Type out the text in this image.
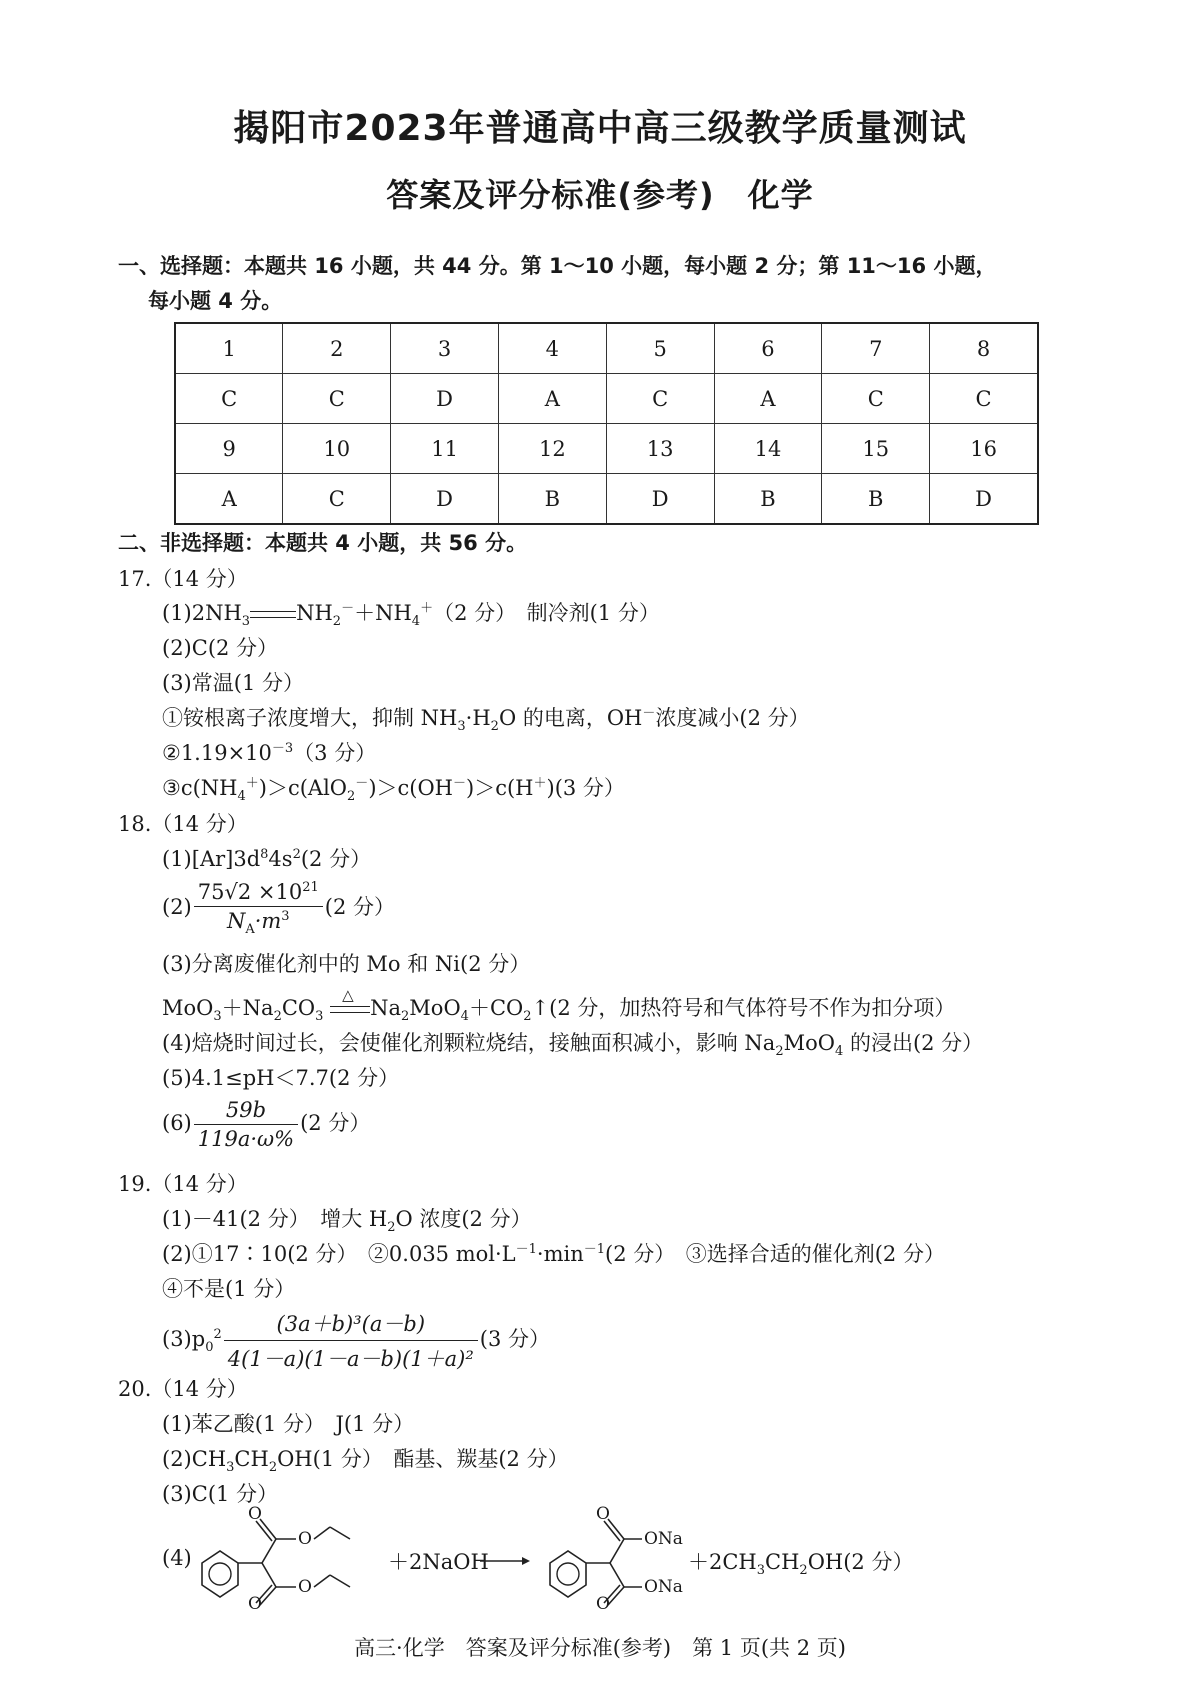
揭阳市2023年普通高中高三级教学质量测试
答案及评分标准(参考)　化学
一、选择题：本题共 16 小题，共 44 分。第 1～10 小题，每小题 2 分；第 11～16 小题，
每小题 4 分。
1	2	3	4	5	6	7	8
C	C	D	A	C	A	C	C
9	10	11	12	13	14	15	16
A	C	D	B	D	B	B	D
二、非选择题：本题共 4 小题，共 56 分。
17.（14 分）
$(1)2NH_3$ $NH_2^-+NH_4^+(2$ 分）　制冷剂(1 分）
(2)C(2 分）
(3)常温(1 分）
①铵根离子浓度增大，抑制 $NH_3\cdot H_2O$ 的电离，OH－浓度减小(2 分）
$②1.19\times 10^{-3}(3$ 分）
$③c(NH_4^+)>c(AlO_2^-)>c(OH^-)>c(H^+)(3$ 分）
18.（14 分）
$(1)[Ar]3d^84s^2(2$ 分）
$(2) \frac{75√2 \times 10^{21}}{N_A\cdot m^3} (2$ 分）
(3)分离废催化剂中的 Mo 和 Ni(2 分）
$MoO_3+Na_2CO_3$
△
$Na_2MoO_4+CO_2↑(2$ 分，加热符号和气体符号不作为扣分项）
(4)焙烧时间过长，会使催化剂颗粒烧结，接触面积减小，影响 $Na_2MoO_4$ 的浸出(2 分）
(5)4.1≤pH＜7.7(2 分）
$(6) \frac{59b}{119a\cdot\omega\%} (2$ 分）
19.（14 分）
(1)－41(2 分）　增大 $H_2O$ 浓度(2 分）
(2)①17∶10(2 分）　②0.035 $mol\cdot L^{-1}\cdot\min^{-1}(2$ 分）　③选择合适的催化剂(2 分）
④不是(1 分）
$(3)p_0^2 \frac{\text{(3a＋b)³(a－b)}}{\text{4(1－a)(1－a－b)(1＋a)²}} (3$ 分）
20.（14 分）
(1)苯乙酸(1 分）　J(1 分）
$(2)CH_3CH_2OH(1$ 分）　酯基、羰基(2 分）
(3)C(1 分）
(4)
O
O
O
O
＋2NaOH
O
ONa
O
ONa
$+2CH_3CH_2OH(2$ 分）
高三·化学　答案及评分标准(参考)　第 1 页(共 2 页)
